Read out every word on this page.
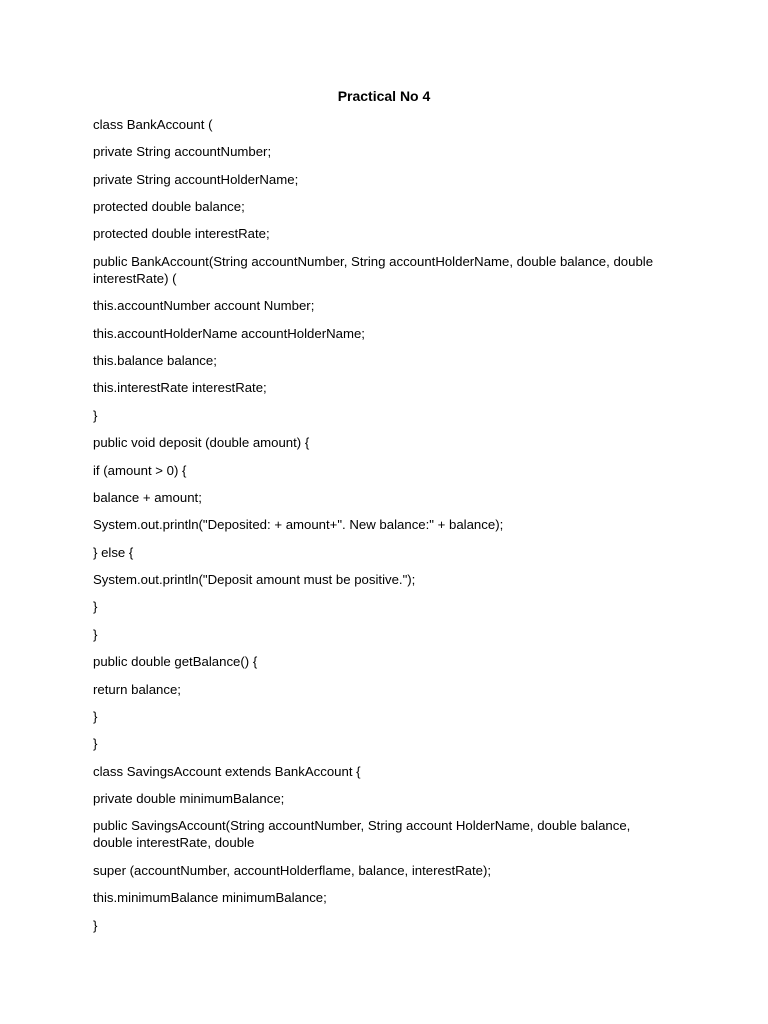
Practical No 4
class BankAccount (
private String accountNumber;
private String accountHolderName;
protected double balance;
protected double interestRate;
public BankAccount(String accountNumber, String accountHolderName, double balance, double interestRate) (
this.accountNumber account Number;
this.accountHolderName accountHolderName;
this.balance balance;
this.interestRate interestRate;
}
public void deposit (double amount) {
if (amount > 0) {
balance + amount;
System.out.println("Deposited: + amount+". New balance:" + balance);
} else {
System.out.println("Deposit amount must be positive.");
}
}
public double getBalance() {
return balance;
}
}
class SavingsAccount extends BankAccount {
private double minimumBalance;
public SavingsAccount(String accountNumber, String account HolderName, double balance, double interestRate, double
super (accountNumber, accountHolderflame, balance, interestRate);
this.minimumBalance minimumBalance;
}
